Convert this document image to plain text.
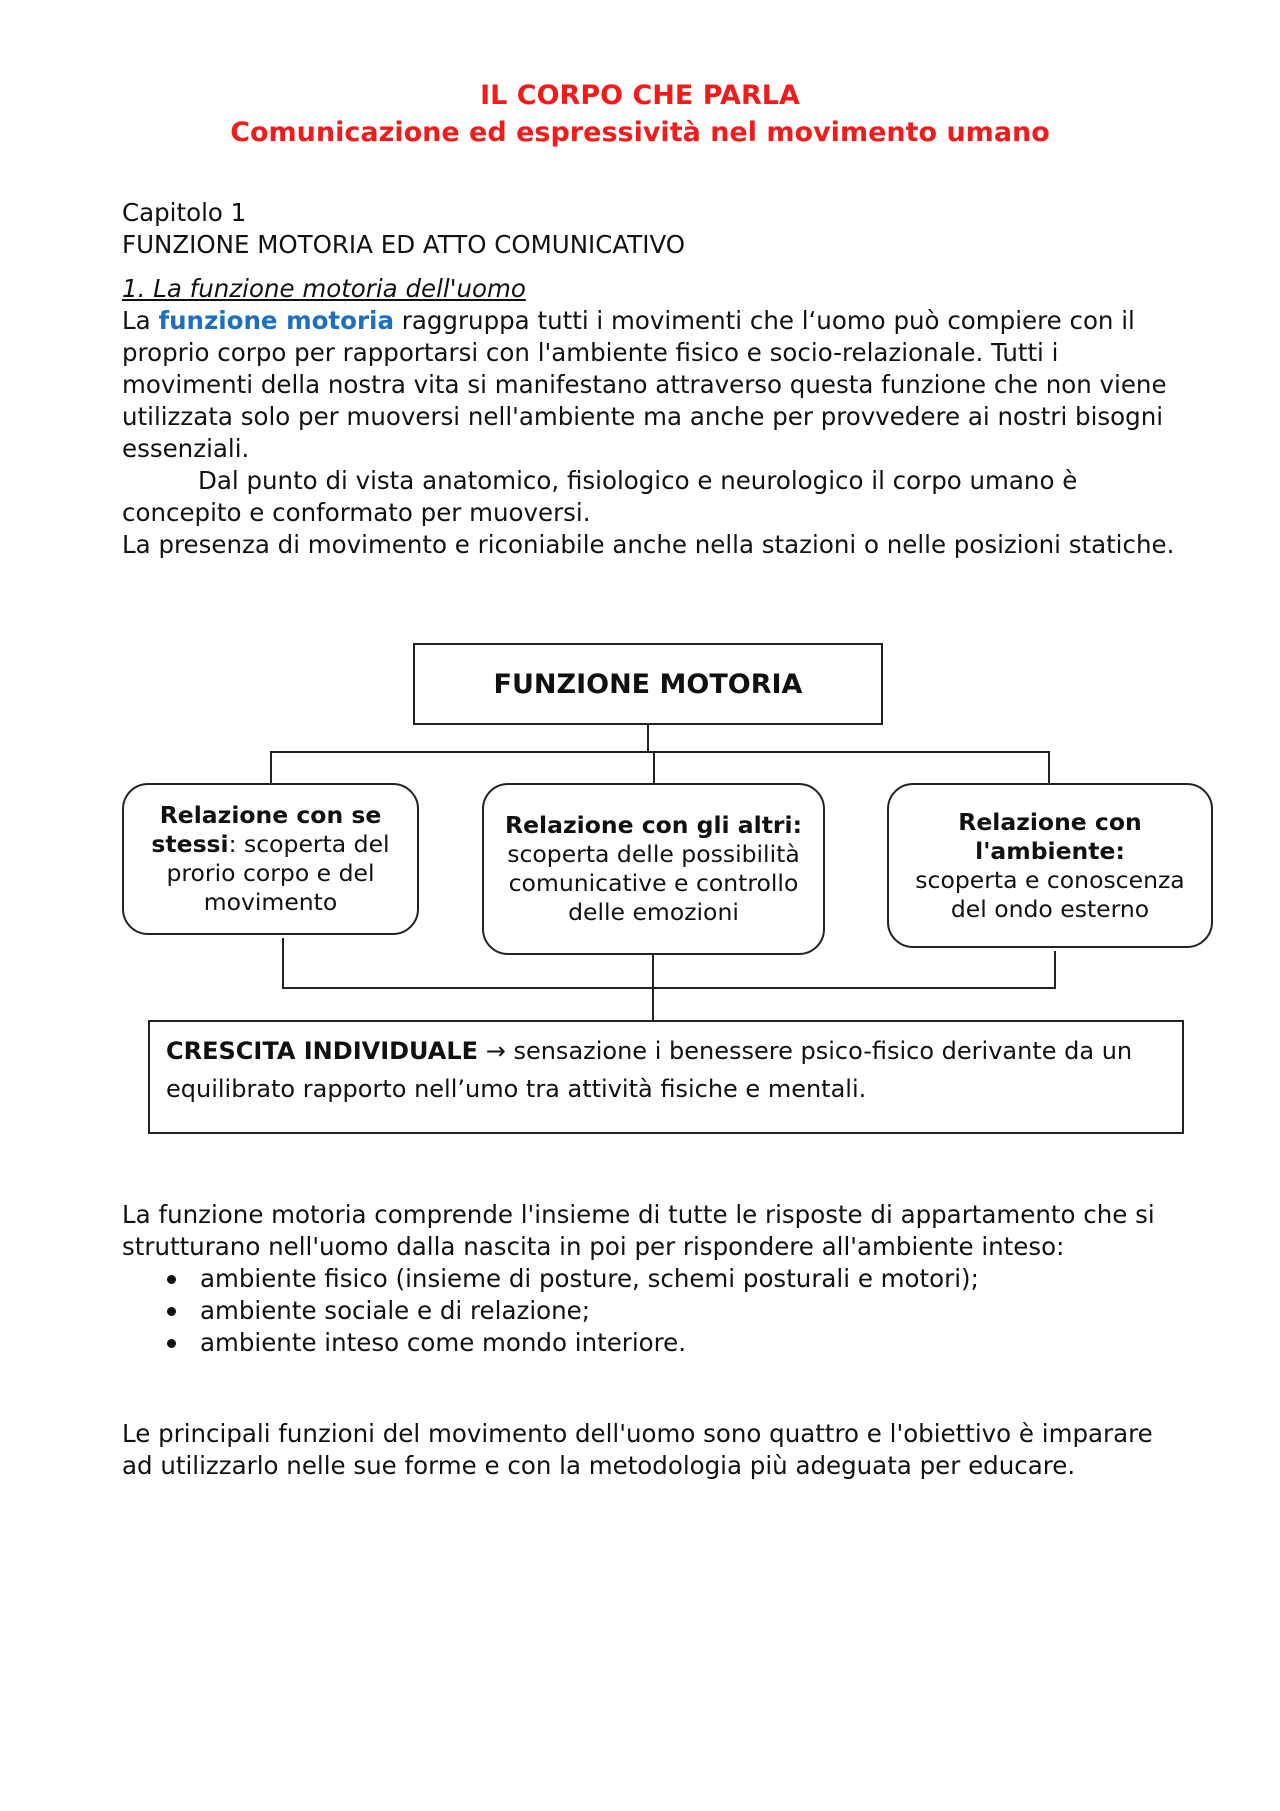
IL CORPO CHE PARLA
Comunicazione ed espressività nel movimento umano
Capitolo 1
FUNZIONE MOTORIA ED ATTO COMUNICATIVO
1. La funzione motoria dell'uomo
La funzione motoria raggruppa tutti i movimenti che l‘uomo può compiere con il proprio corpo per rapportarsi con l'ambiente fisico e socio-relazionale. Tutti i movimenti della nostra vita si manifestano attraverso questa funzione che non viene utilizzata solo per muoversi nell'ambiente ma anche per provvedere ai nostri bisogni essenziali.
Dal punto di vista anatomico, fisiologico e neurologico il corpo umano è concepito e conformato per muoversi.
La presenza di movimento e riconiabile anche nella stazioni o nelle posizioni statiche.
FUNZIONE MOTORIA
Relazione con se stessi: scoperta del prorio corpo e del movimento
Relazione con gli altri:
scoperta delle possibilità comunicative e controllo delle emozioni
Relazione con l'ambiente:
scoperta e conoscenza del ondo esterno
CRESCITA INDIVIDUALE → sensazione i benessere psico-fisico derivante da un equilibrato rapporto nell’umo tra attività fisiche e mentali.
La funzione motoria comprende l'insieme di tutte le risposte di appartamento che si strutturano nell'uomo dalla nascita in poi per rispondere all'ambiente inteso:
ambiente fisico (insieme di posture, schemi posturali e motori);
ambiente sociale e di relazione;
ambiente inteso come mondo interiore.
Le principali funzioni del movimento dell'uomo sono quattro e l'obiettivo è imparare ad utilizzarlo nelle sue forme e con la metodologia più adeguata per educare.
